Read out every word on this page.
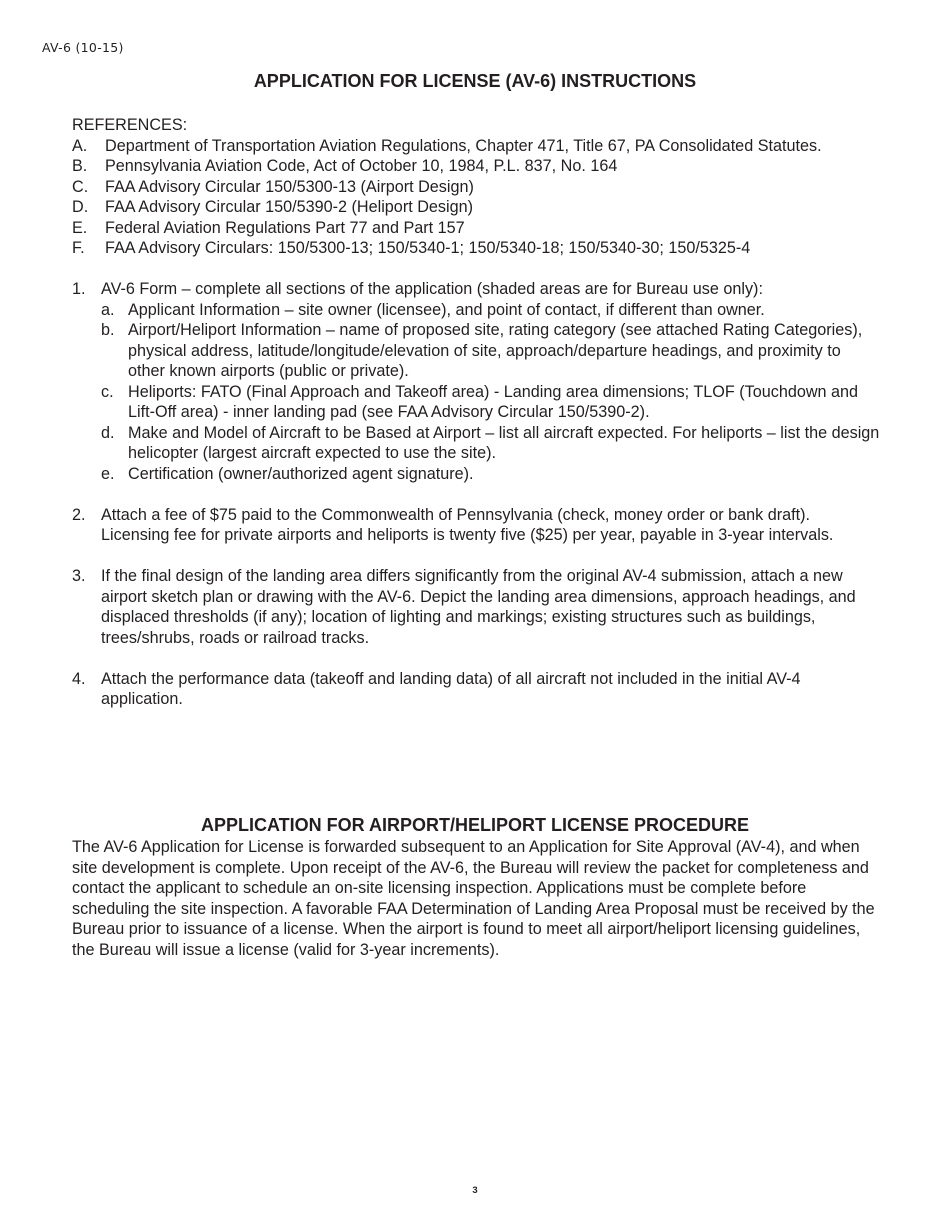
AV-6 (10-15)
APPLICATION FOR LICENSE (AV-6) INSTRUCTIONS

REFERENCES:

A.	Department of Transportation Aviation Regulations, Chapter 471, Title 67, PA Consolidated Statutes.
B.	Pennsylvania Aviation Code, Act of October 10, 1984, P.L. 837, No. 164
C.	FAA Advisory Circular 150/5300-13 (Airport Design)
D.	FAA Advisory Circular 150/5390-2 (Heliport Design)
E.	Federal Aviation Regulations Part 77 and Part 157
F.	FAA Advisory Circulars: 150/5300-13; 150/5340-1; 150/5340-18; 150/5340-30; 150/5325-4
1. AV-6 Form – complete all sections of the application (shaded areas are for Bureau use only):
a. Applicant Information – site owner (licensee), and point of contact, if different than owner.
b. Airport/Heliport Information – name of proposed site, rating category (see attached Rating Categories), physical address, latitude/longitude/elevation of site, approach/departure headings, and proximity to other known airports (public or private).
c. Heliports: FATO (Final Approach and Takeoff area) - Landing area dimensions; TLOF (Touchdown and Lift-Off area) - inner landing pad (see FAA Advisory Circular 150/5390-2).
d. Make and Model of Aircraft to be Based at Airport – list all aircraft expected. For heliports – list the design helicopter (largest aircraft expected to use the site).
e. Certification (owner/authorized agent signature).
2. Attach a fee of $75 paid to the Commonwealth of Pennsylvania (check, money order or bank draft). Licensing fee for private airports and heliports is twenty five ($25) per year, payable in 3-year intervals.
3. If the final design of the landing area differs significantly from the original AV-4 submission, attach a new airport sketch plan or drawing with the AV-6. Depict the landing area dimensions, approach headings, and displaced thresholds (if any); location of lighting and markings; existing structures such as buildings, trees/shrubs, roads or railroad tracks.
4. Attach the performance data (takeoff and landing data) of all aircraft not included in the initial AV-4 application.
APPLICATION FOR AIRPORT/HELIPORT LICENSE PROCEDURE
The AV-6 Application for License is forwarded subsequent to an Application for Site Approval (AV-4), and when site development is complete. Upon receipt of the AV-6, the Bureau will review the packet for completeness and contact the applicant to schedule an on-site licensing inspection. Applications must be complete before scheduling the site inspection. A favorable FAA Determination of Landing Area Proposal must be received by the Bureau prior to issuance of a license. When the airport is found to meet all airport/heliport licensing guidelines, the Bureau will issue a license (valid for 3-year increments).
3
